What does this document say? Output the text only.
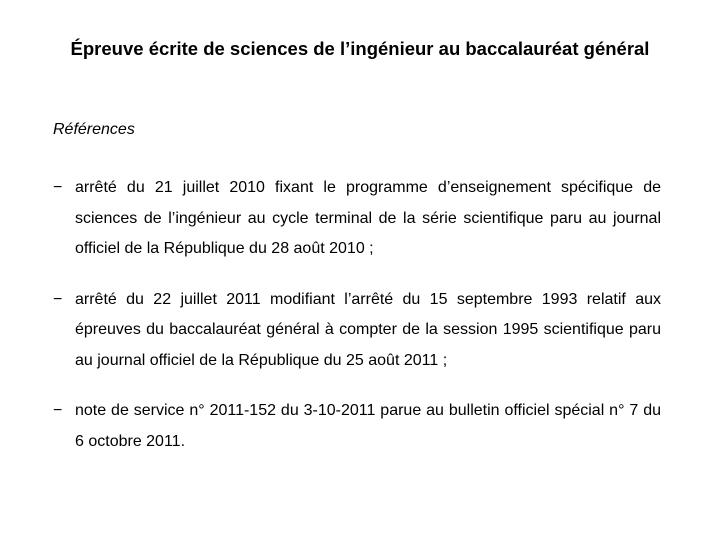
Épreuve écrite de sciences de l’ingénieur au baccalauréat général
Références
− arrêté du 21 juillet 2010 fixant le programme d’enseignement spécifique de sciences de l’ingénieur au cycle terminal de la série scientifique paru au journal officiel de la République du 28 août 2010 ;
− arrêté du 22 juillet 2011 modifiant l’arrêté du 15 septembre 1993 relatif aux épreuves du baccalauréat général à compter de la session 1995 scientifique paru au journal officiel de la République du 25 août 2011 ;
− note de service n° 2011-152 du 3-10-2011 parue au bulletin officiel spécial n° 7 du 6 octobre 2011.
